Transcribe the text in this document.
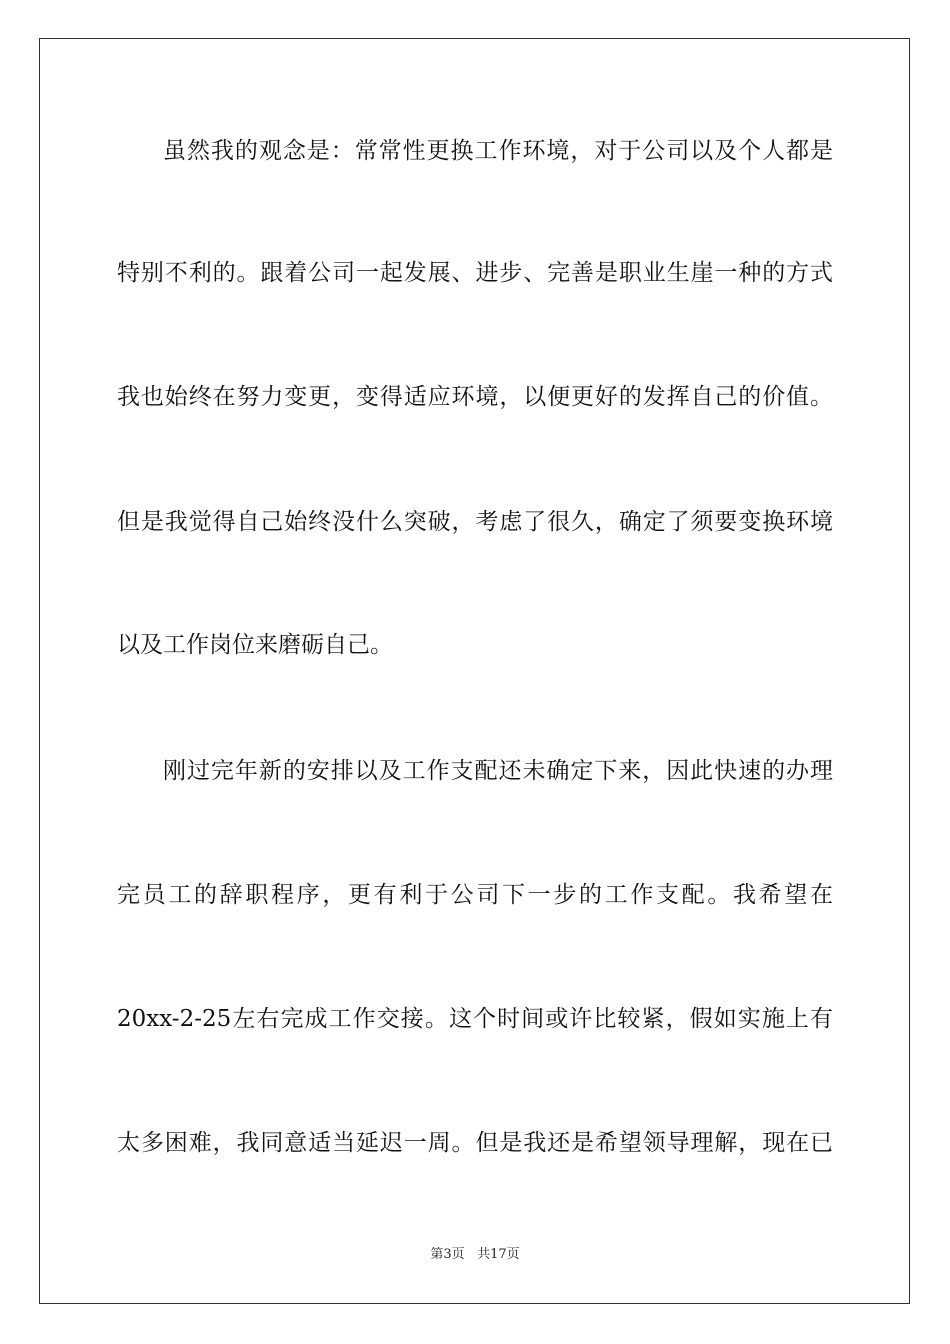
虽然我的观念是：常常性更换工作环境，对于公司以及个人都是
特别不利的。跟着公司一起发展、进步、完善是职业生崖一种的方式
我也始终在努力变更，变得适应环境，以便更好的发挥自己的价值。
但是我觉得自己始终没什么突破，考虑了很久，确定了须要变换环境
以及工作岗位来磨砺自己。
刚过完年新的安排以及工作支配还未确定下来，因此快速的办理
完员工的辞职程序，更有利于公司下一步的工作支配。我希望在
20xx-2-25左右完成工作交接。这个时间或许比较紧，假如实施上有
太多困难，我同意适当延迟一周。但是我还是希望领导理解，现在已
第3页 共17页
